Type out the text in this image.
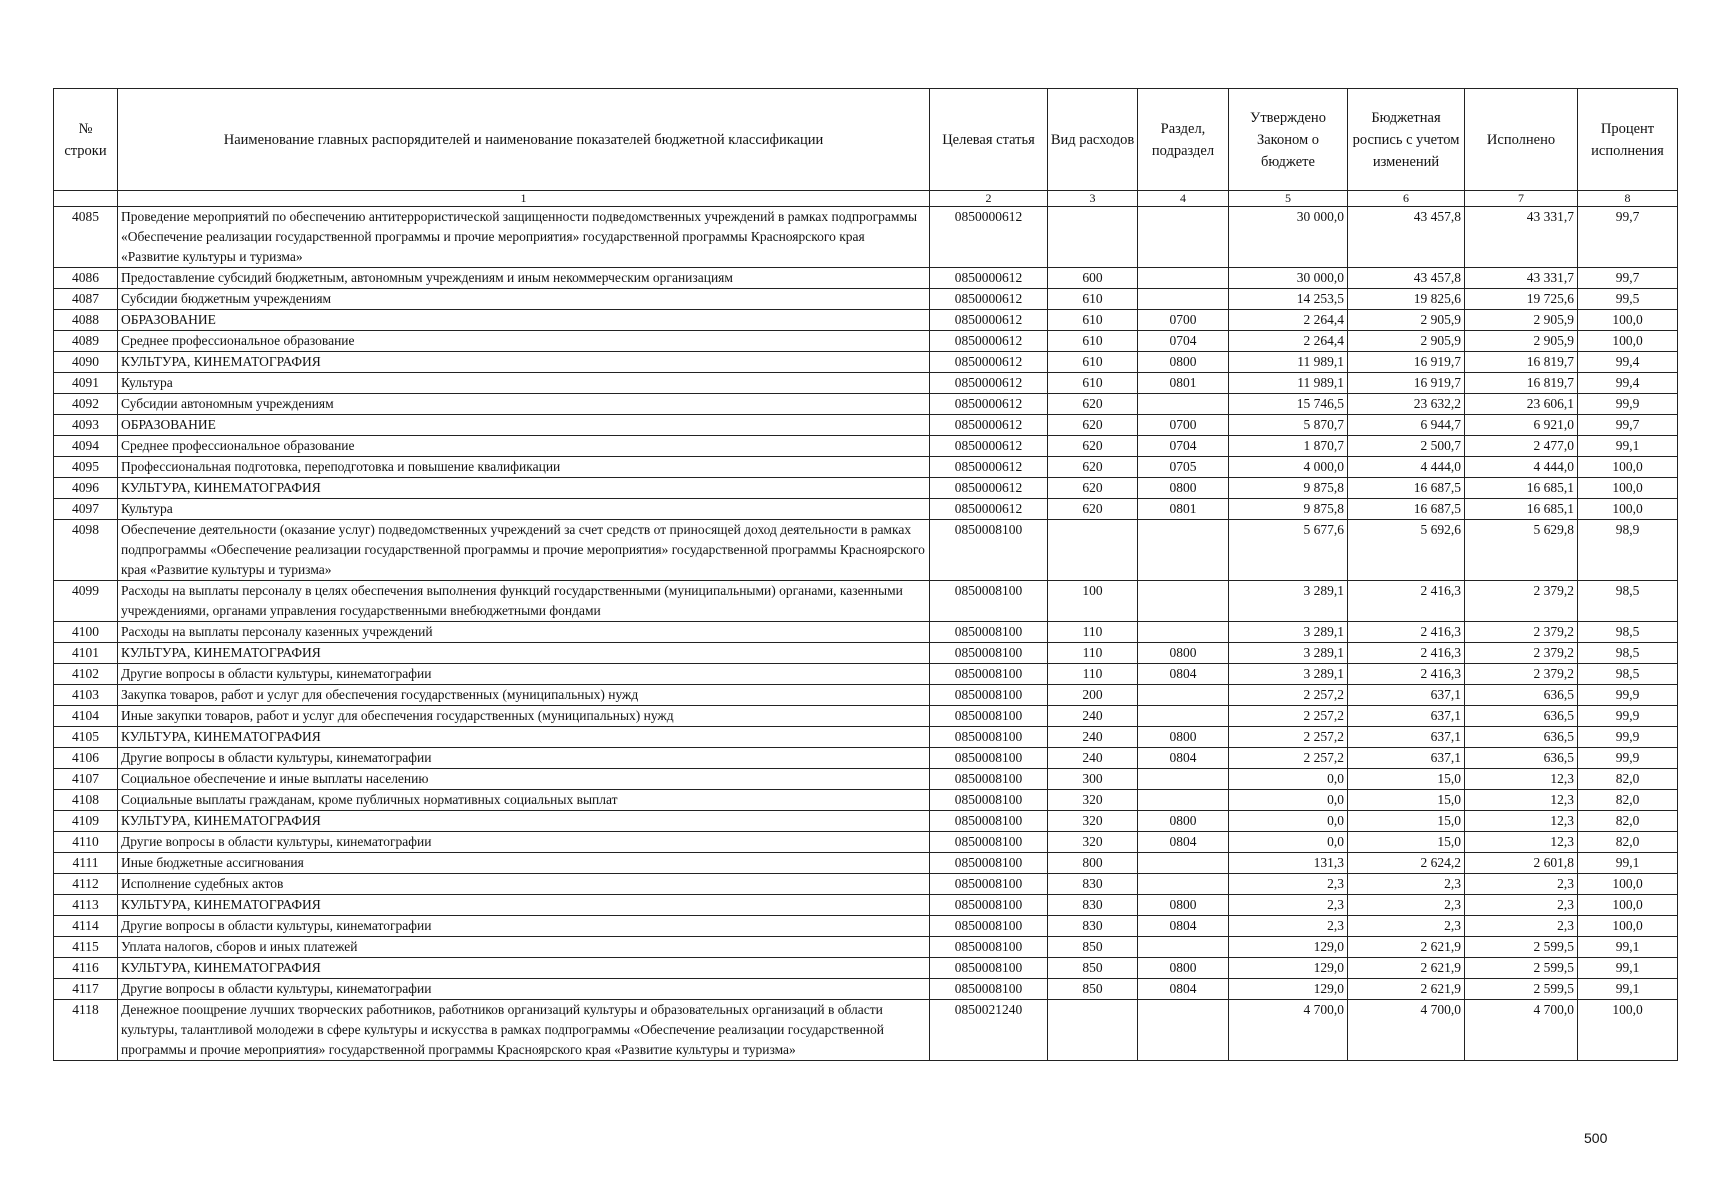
№ строки	Наименование главных распорядителей и наименование показателей бюджетной классификации	Целевая статья	Вид расходов	Раздел, подраздел	Утверждено Законом о бюджете	Бюджетная роспись с учетом изменений	Исполнено	Процент исполнения
	1	2	3	4	5	6	7	8
4085	Проведение мероприятий по обеспечению антитеррористической защищенности подведомственных учреждений в рамках подпрограммы «Обеспечение реализации государственной программы и прочие мероприятия» государственной программы Красноярского края «Развитие культуры и туризма»	0850000612			30 000,0	43 457,8	43 331,7	99,7
4086	Предоставление субсидий бюджетным, автономным учреждениям и иным некоммерческим организациям	0850000612	600		30 000,0	43 457,8	43 331,7	99,7
4087	Субсидии бюджетным учреждениям	0850000612	610		14 253,5	19 825,6	19 725,6	99,5
4088	ОБРАЗОВАНИЕ	0850000612	610	0700	2 264,4	2 905,9	2 905,9	100,0
4089	Среднее профессиональное образование	0850000612	610	0704	2 264,4	2 905,9	2 905,9	100,0
4090	КУЛЬТУРА, КИНЕМАТОГРАФИЯ	0850000612	610	0800	11 989,1	16 919,7	16 819,7	99,4
4091	Культура	0850000612	610	0801	11 989,1	16 919,7	16 819,7	99,4
4092	Субсидии автономным учреждениям	0850000612	620		15 746,5	23 632,2	23 606,1	99,9
4093	ОБРАЗОВАНИЕ	0850000612	620	0700	5 870,7	6 944,7	6 921,0	99,7
4094	Среднее профессиональное образование	0850000612	620	0704	1 870,7	2 500,7	2 477,0	99,1
4095	Профессиональная подготовка, переподготовка и повышение квалификации	0850000612	620	0705	4 000,0	4 444,0	4 444,0	100,0
4096	КУЛЬТУРА, КИНЕМАТОГРАФИЯ	0850000612	620	0800	9 875,8	16 687,5	16 685,1	100,0
4097	Культура	0850000612	620	0801	9 875,8	16 687,5	16 685,1	100,0
4098	Обеспечение деятельности (оказание услуг) подведомственных учреждений за счет средств от приносящей доход деятельности в рамках подпрограммы «Обеспечение реализации государственной программы и прочие мероприятия» государственной программы Красноярского края «Развитие культуры и туризма»	0850008100			5 677,6	5 692,6	5 629,8	98,9
4099	Расходы на выплаты персоналу в целях обеспечения выполнения функций государственными (муниципальными) органами, казенными учреждениями, органами управления государственными внебюджетными фондами	0850008100	100		3 289,1	2 416,3	2 379,2	98,5
4100	Расходы на выплаты персоналу казенных учреждений	0850008100	110		3 289,1	2 416,3	2 379,2	98,5
4101	КУЛЬТУРА, КИНЕМАТОГРАФИЯ	0850008100	110	0800	3 289,1	2 416,3	2 379,2	98,5
4102	Другие вопросы в области культуры, кинематографии	0850008100	110	0804	3 289,1	2 416,3	2 379,2	98,5
4103	Закупка товаров, работ и услуг для обеспечения государственных (муниципальных) нужд	0850008100	200		2 257,2	637,1	636,5	99,9
4104	Иные закупки товаров, работ и услуг для обеспечения государственных (муниципальных) нужд	0850008100	240		2 257,2	637,1	636,5	99,9
4105	КУЛЬТУРА, КИНЕМАТОГРАФИЯ	0850008100	240	0800	2 257,2	637,1	636,5	99,9
4106	Другие вопросы в области культуры, кинематографии	0850008100	240	0804	2 257,2	637,1	636,5	99,9
4107	Социальное обеспечение и иные выплаты населению	0850008100	300		0,0	15,0	12,3	82,0
4108	Социальные выплаты гражданам, кроме публичных нормативных социальных выплат	0850008100	320		0,0	15,0	12,3	82,0
4109	КУЛЬТУРА, КИНЕМАТОГРАФИЯ	0850008100	320	0800	0,0	15,0	12,3	82,0
4110	Другие вопросы в области культуры, кинематографии	0850008100	320	0804	0,0	15,0	12,3	82,0
4111	Иные бюджетные ассигнования	0850008100	800		131,3	2 624,2	2 601,8	99,1
4112	Исполнение судебных актов	0850008100	830		2,3	2,3	2,3	100,0
4113	КУЛЬТУРА, КИНЕМАТОГРАФИЯ	0850008100	830	0800	2,3	2,3	2,3	100,0
4114	Другие вопросы в области культуры, кинематографии	0850008100	830	0804	2,3	2,3	2,3	100,0
4115	Уплата налогов, сборов и иных платежей	0850008100	850		129,0	2 621,9	2 599,5	99,1
4116	КУЛЬТУРА, КИНЕМАТОГРАФИЯ	0850008100	850	0800	129,0	2 621,9	2 599,5	99,1
4117	Другие вопросы в области культуры, кинематографии	0850008100	850	0804	129,0	2 621,9	2 599,5	99,1
4118	Денежное поощрение лучших творческих работников, работников организаций культуры и образовательных организаций в области культуры, талантливой молодежи в сфере культуры и искусства в рамках подпрограммы «Обеспечение реализации государственной программы и прочие мероприятия» государственной программы Красноярского края «Развитие культуры и туризма»	0850021240			4 700,0	4 700,0	4 700,0	100,0
500
